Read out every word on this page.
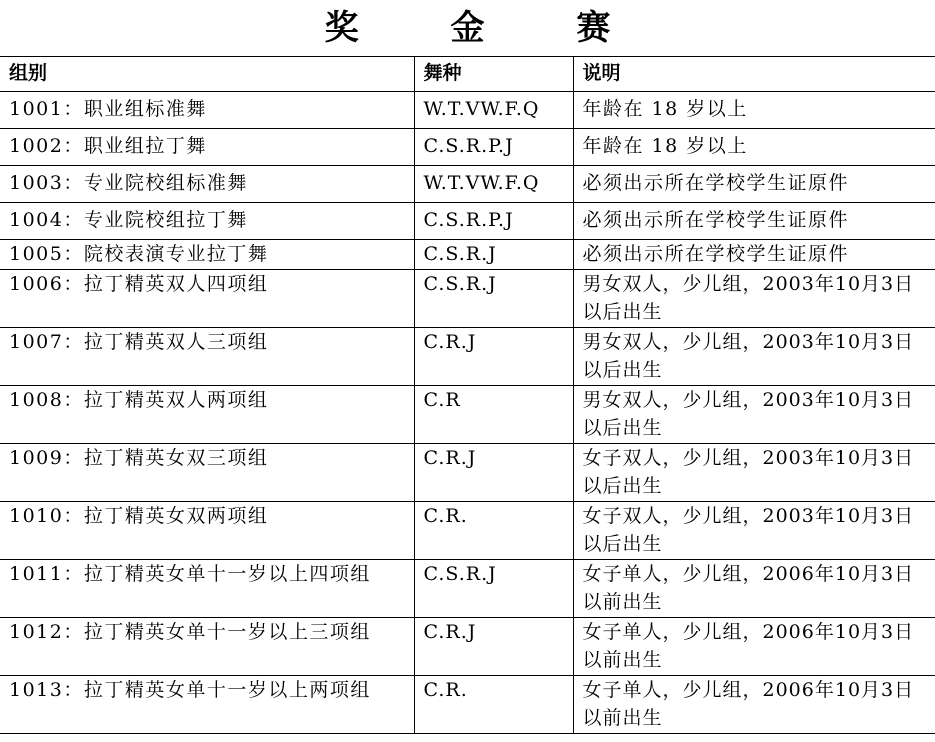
奖 金 赛
组别	舞种	说明
1001：职业组标准舞	W.T.VW.F.Q	年龄在 18 岁以上
1002：职业组拉丁舞	C.S.R.P.J	年龄在 18 岁以上
1003：专业院校组标准舞	W.T.VW.F.Q	必须出示所在学校学生证原件
1004：专业院校组拉丁舞	C.S.R.P.J	必须出示所在学校学生证原件
1005：院校表演专业拉丁舞	C.S.R.J	必须出示所在学校学生证原件
1006：拉丁精英双人四项组	C.S.R.J	男女双人，少儿组，2003年10月3日以后出生
1007：拉丁精英双人三项组	C.R.J	男女双人，少儿组，2003年10月3日以后出生
1008：拉丁精英双人两项组	C.R	男女双人，少儿组，2003年10月3日以后出生
1009：拉丁精英女双三项组	C.R.J	女子双人，少儿组，2003年10月3日以后出生
1010：拉丁精英女双两项组	C.R.	女子双人，少儿组，2003年10月3日以后出生
1011：拉丁精英女单十一岁以上四项组	C.S.R.J	女子单人，少儿组，2006年10月3日以前出生
1012：拉丁精英女单十一岁以上三项组	C.R.J	女子单人，少儿组，2006年10月3日以前出生
1013：拉丁精英女单十一岁以上两项组	C.R.	女子单人，少儿组，2006年10月3日以前出生
